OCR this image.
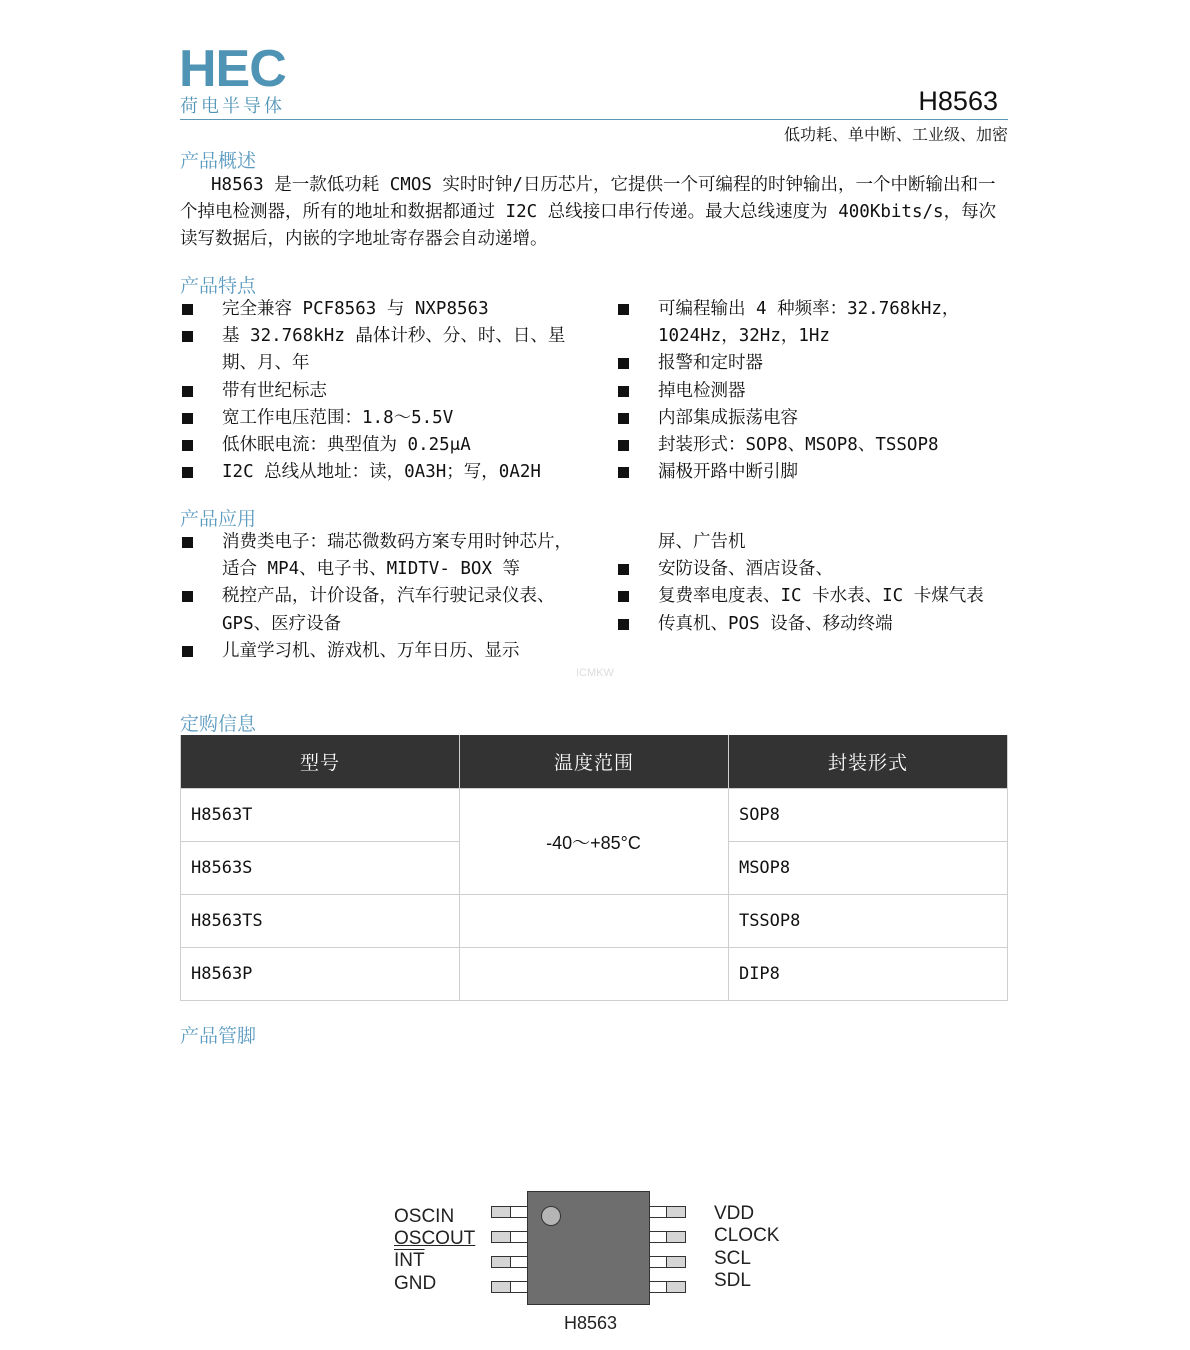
HEC
荷电半导体	H8563
低功耗、单中断、工业级、加密
产品概述
H8563 是一款低功耗 CMOS 实时时钟/日历芯片，它提供一个可编程的时钟输出，一个中断输出和一个掉电检测器，所有的地址和数据都通过 I2C 总线接口串行传递。最大总线速度为 400Kbits/s，每次读写数据后，内嵌的字地址寄存器会自动递增。
产品特点
完全兼容 PCF8563 与 NXP8563
基 32.768kHz 晶体计秒、分、时、日、星期、月、年
带有世纪标志
宽工作电压范围：1.8～5.5V
低休眠电流：典型值为 0.25μA
I2C 总线从地址：读，0A3H；写，0A2H
可编程输出 4 种频率：32.768kHz，1024Hz，32Hz，1Hz
报警和定时器
掉电检测器
内部集成振荡电容
封装形式：SOP8、MSOP8、TSSOP8
漏极开路中断引脚
产品应用
消费类电子：瑞芯微数码方案专用时钟芯片，适合 MP4、电子书、MIDTV- BOX 等
税控产品，计价设备，汽车行驶记录仪表、GPS、医疗设备
儿童学习机、游戏机、万年日历、显示
屏、广告机
安防设备、酒店设备、
复费率电度表、IC 卡水表、IC 卡煤气表
传真机、POS 设备、移动终端
ICMKW
定购信息
型号	温度范围	封装形式
H8563T	-40～+85°C	SOP8
H8563S		MSOP8
H8563TS		TSSOP8
H8563P		DIP8
产品管脚
OSCIN
OSCOUT
$\overline{INT}$
GND
VDD
CLOCK
SCL
SDL
H8563
